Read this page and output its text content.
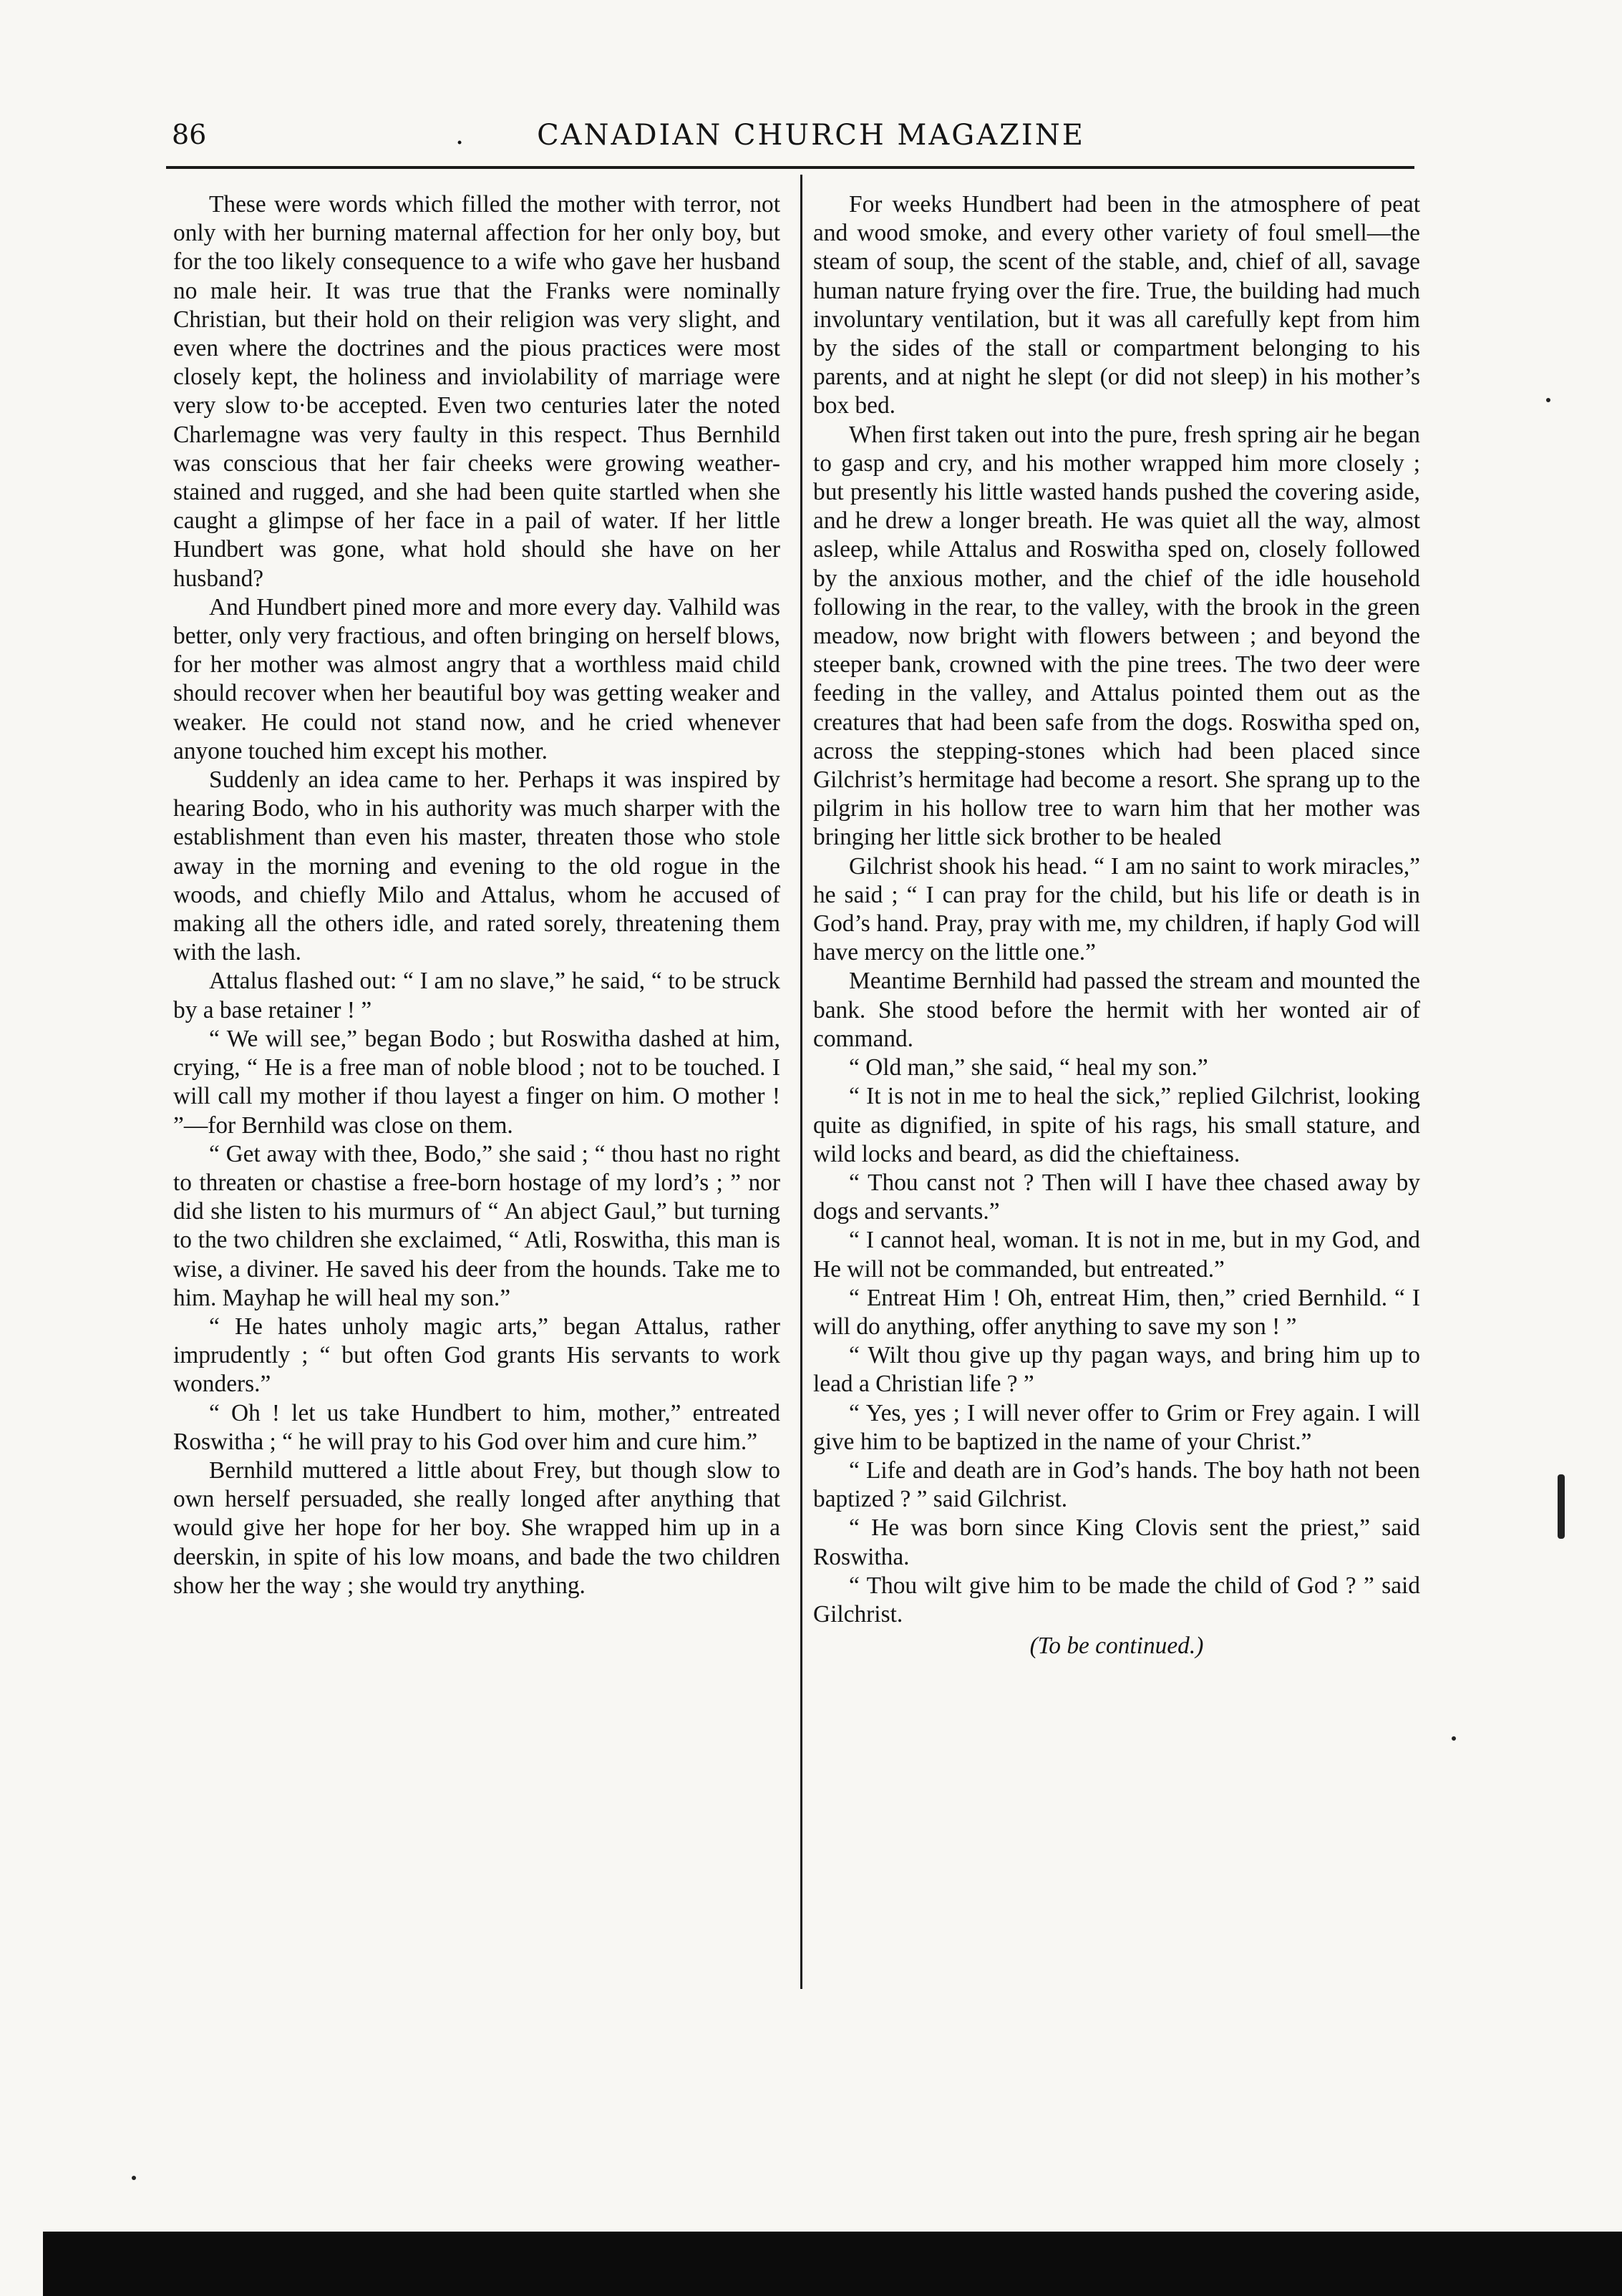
86	.	CANADIAN CHURCH MAGAZINE

These were words which filled the mother with terror, not only with her burning maternal affection for her only boy, but for the too likely consequence to a wife who gave her husband no male heir. It was true that the Franks were nominally Christian, but their hold on their religion was very slight, and even where the doctrines and the pious practices were most closely kept, the holiness and inviolability of marriage were very slow to·be accepted. Even two centuries later the noted Charlemagne was very faulty in this respect. Thus Bernhild was conscious that her fair cheeks were growing weather-stained and rugged, and she had been quite startled when she caught a glimpse of her face in a pail of water. If her little Hundbert was gone, what hold should she have on her husband?

And Hundbert pined more and more every day. Valhild was better, only very fractious, and often bringing on herself blows, for her mother was almost angry that a worthless maid child should recover when her beautiful boy was getting weaker and weaker. He could not stand now, and he cried whenever anyone touched him except his mother.

Suddenly an idea came to her. Perhaps it was inspired by hearing Bodo, who in his authority was much sharper with the establishment than even his master, threaten those who stole away in the morning and evening to the old rogue in the woods, and chiefly Milo and Attalus, whom he accused of making all the others idle, and rated sorely, threatening them with the lash.

Attalus flashed out: “ I am no slave,” he said, “ to be struck by a base retainer ! ”

“ We will see,” began Bodo ; but Roswitha dashed at him, crying, “ He is a free man of noble blood ; not to be touched. I will call my mother if thou layest a finger on him. O mother ! ”—for Bernhild was close on them.

“ Get away with thee, Bodo,” she said ; “ thou hast no right to threaten or chastise a free-born hostage of my lord’s ; ” nor did she listen to his murmurs of “ An abject Gaul,” but turning to the two children she exclaimed, “ Atli, Roswitha, this man is wise, a diviner. He saved his deer from the hounds. Take me to him. Mayhap he will heal my son.”

“ He hates unholy magic arts,” began Attalus, rather imprudently ; “ but often God grants His servants to work wonders.”

“ Oh ! let us take Hundbert to him, mother,” entreated Roswitha ; “ he will pray to his God over him and cure him.”

Bernhild muttered a little about Frey, but though slow to own herself persuaded, she really longed after anything that would give her hope for her boy. She wrapped him up in a deerskin, in spite of his low moans, and bade the two children show her the way ; she would try anything.

For weeks Hundbert had been in the atmosphere of peat and wood smoke, and every other variety of foul smell—the steam of soup, the scent of the stable, and, chief of all, savage human nature frying over the fire. True, the building had much involuntary ventilation, but it was all carefully kept from him by the sides of the stall or compartment belonging to his parents, and at night he slept (or did not sleep) in his mother’s box bed.

When first taken out into the pure, fresh spring air he began to gasp and cry, and his mother wrapped him more closely ; but presently his little wasted hands pushed the covering aside, and he drew a longer breath. He was quiet all the way, almost asleep, while Attalus and Roswitha sped on, closely followed by the anxious mother, and the chief of the idle household following in the rear, to the valley, with the brook in the green meadow, now bright with flowers between ; and beyond the steeper bank, crowned with the pine trees. The two deer were feeding in the valley, and Attalus pointed them out as the creatures that had been safe from the dogs. Roswitha sped on, across the stepping-stones which had been placed since Gilchrist’s hermitage had become a resort. She sprang up to the pilgrim in his hollow tree to warn him that her mother was bringing her little sick brother to be healed

Gilchrist shook his head. “ I am no saint to work miracles,” he said ; “ I can pray for the child, but his life or death is in God’s hand. Pray, pray with me, my children, if haply God will have mercy on the little one.”

Meantime Bernhild had passed the stream and mounted the bank. She stood before the hermit with her wonted air of command.

“ Old man,” she said, “ heal my son.”

“ It is not in me to heal the sick,” replied Gilchrist, looking quite as dignified, in spite of his rags, his small stature, and wild locks and beard, as did the chieftainess.

“ Thou canst not ? Then will I have thee chased away by dogs and servants.”

“ I cannot heal, woman. It is not in me, but in my God, and He will not be commanded, but entreated.”

“ Entreat Him ! Oh, entreat Him, then,” cried Bernhild. “ I will do anything, offer anything to save my son ! ”

“ Wilt thou give up thy pagan ways, and bring him up to lead a Christian life ? ”

“ Yes, yes ; I will never offer to Grim or Frey again. I will give him to be baptized in the name of your Christ.”

“ Life and death are in God’s hands. The boy hath not been baptized ? ” said Gilchrist.

“ He was born since King Clovis sent the priest,” said Roswitha.

“ Thou wilt give him to be made the child of God ? ” said Gilchrist.

(To be continued.)
